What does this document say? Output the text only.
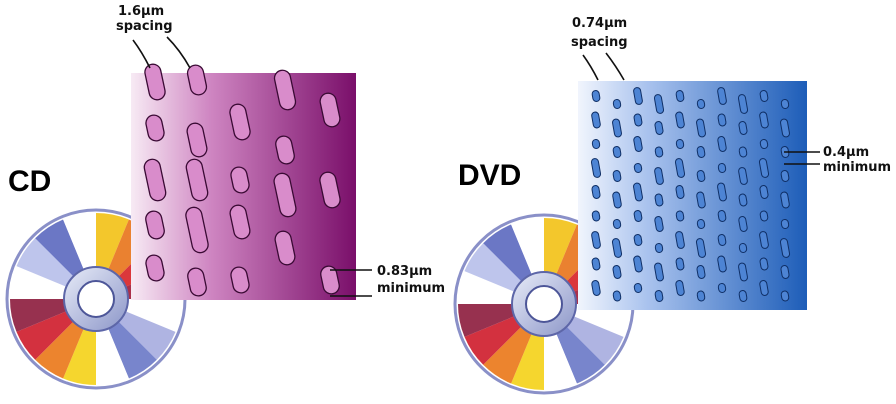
CD
1.6µm
spacing
0.83µm
minimum
DVD
0.74µm
spacing
0.4µm
minimum
